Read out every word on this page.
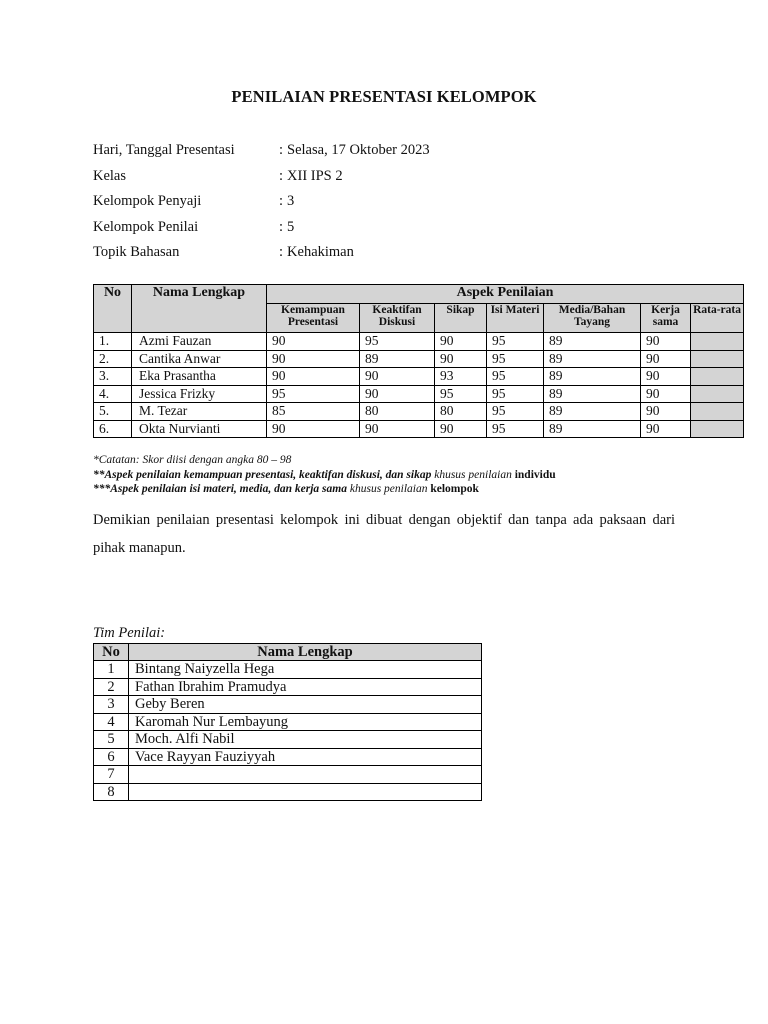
PENILAIAN PRESENTASI KELOMPOK
Hari, Tanggal Presentasi	: Selasa, 17 Oktober 2023
Kelas	: XII IPS 2
Kelompok Penyaji	: 3
Kelompok Penilai	: 5
Topik Bahasan	: Kehakiman
No	Nama Lengkap	Aspek Penilaian						
		Kemampuan Presentasi	Keaktifan Diskusi	Sikap	Isi Materi	Media/Bahan Tayang	Kerja sama	Rata-rata
1.	Azmi Fauzan	90	95	90	95	89	90	
2.	Cantika Anwar	90	89	90	95	89	90	
3.	Eka Prasantha	90	90	93	95	89	90	
4.	Jessica Frizky	95	90	95	95	89	90	
5.	M. Tezar	85	80	80	95	89	90	
6.	Okta Nurvianti	90	90	90	95	89	90	
*Catatan: Skor diisi dengan angka 80 – 98
**Aspek penilaian kemampuan presentasi, keaktifan diskusi, dan sikap khusus penilaian individu
***Aspek penilaian isi materi, media, dan kerja sama khusus penilaian kelompok
Demikian penilaian presentasi kelompok ini dibuat dengan objektif dan tanpa ada paksaan dari pihak manapun.
Tim Penilai:
No	Nama Lengkap
1	Bintang Naiyzella Hega
2	Fathan Ibrahim Pramudya
3	Geby Beren
4	Karomah Nur Lembayung
5	Moch. Alfi Nabil
6	Vace Rayyan Fauziyyah
7	
8	
